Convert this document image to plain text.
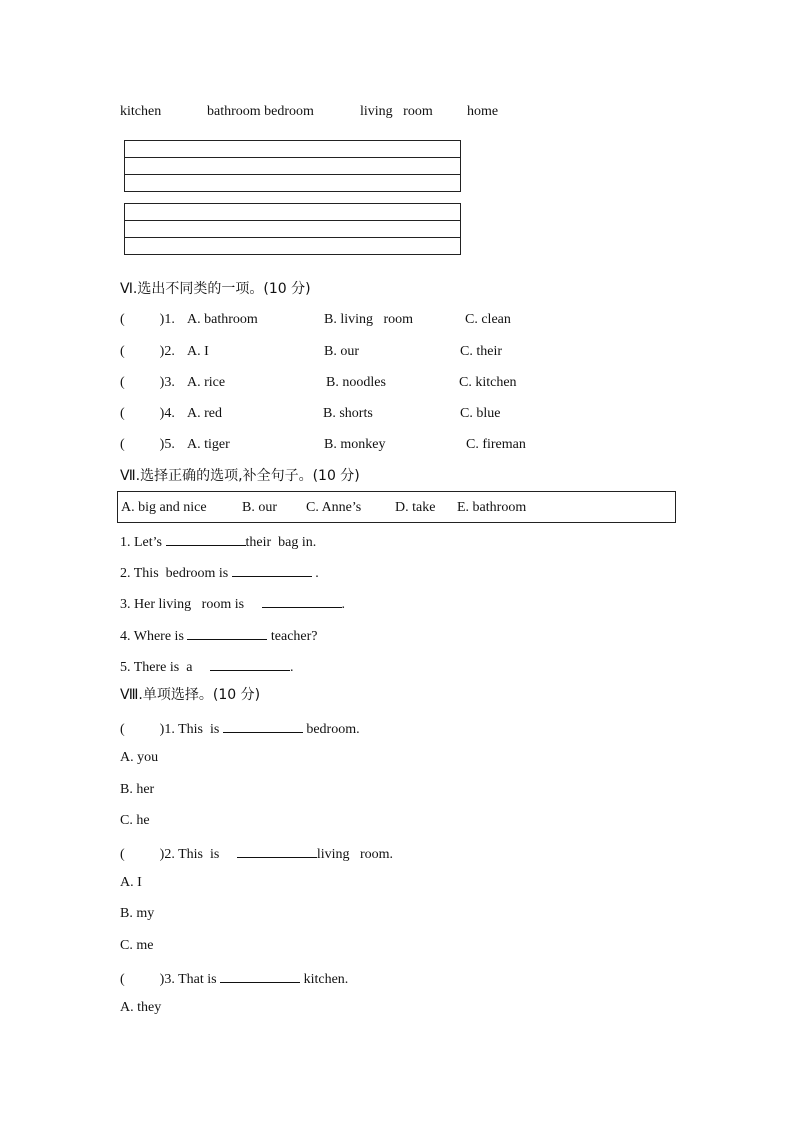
kitchen	bathroom bedroom	living   room home
Ⅵ.选出不同类的一项。(10 分)
(          )1. A. bathroom	B. living   room	C. clean
(          )2. A. I	B. our	C. their
(          )3. A. rice	B. noodles	C. kitchen
(          )4. A. red	B. shorts	C. blue
(          )5. A. tiger	B. monkey	C. fireman
Ⅶ.选择正确的选项,补全句子。(10 分)
A. big and nice	B. our C. Anne’s D. take E. bathroom
1. Let’s	their  bag in.
2. This  bedroom is	.
3. Her living   room is	.
4. Where is	teacher?
5. There is  a	.
Ⅷ.单项选择。(10 分)
(          )1. This  is	bedroom.
A. you
B. her
C. he
(          )2. This  is	living   room.
A. I
B. my
C. me
(          )3. That is	kitchen.
A. they
